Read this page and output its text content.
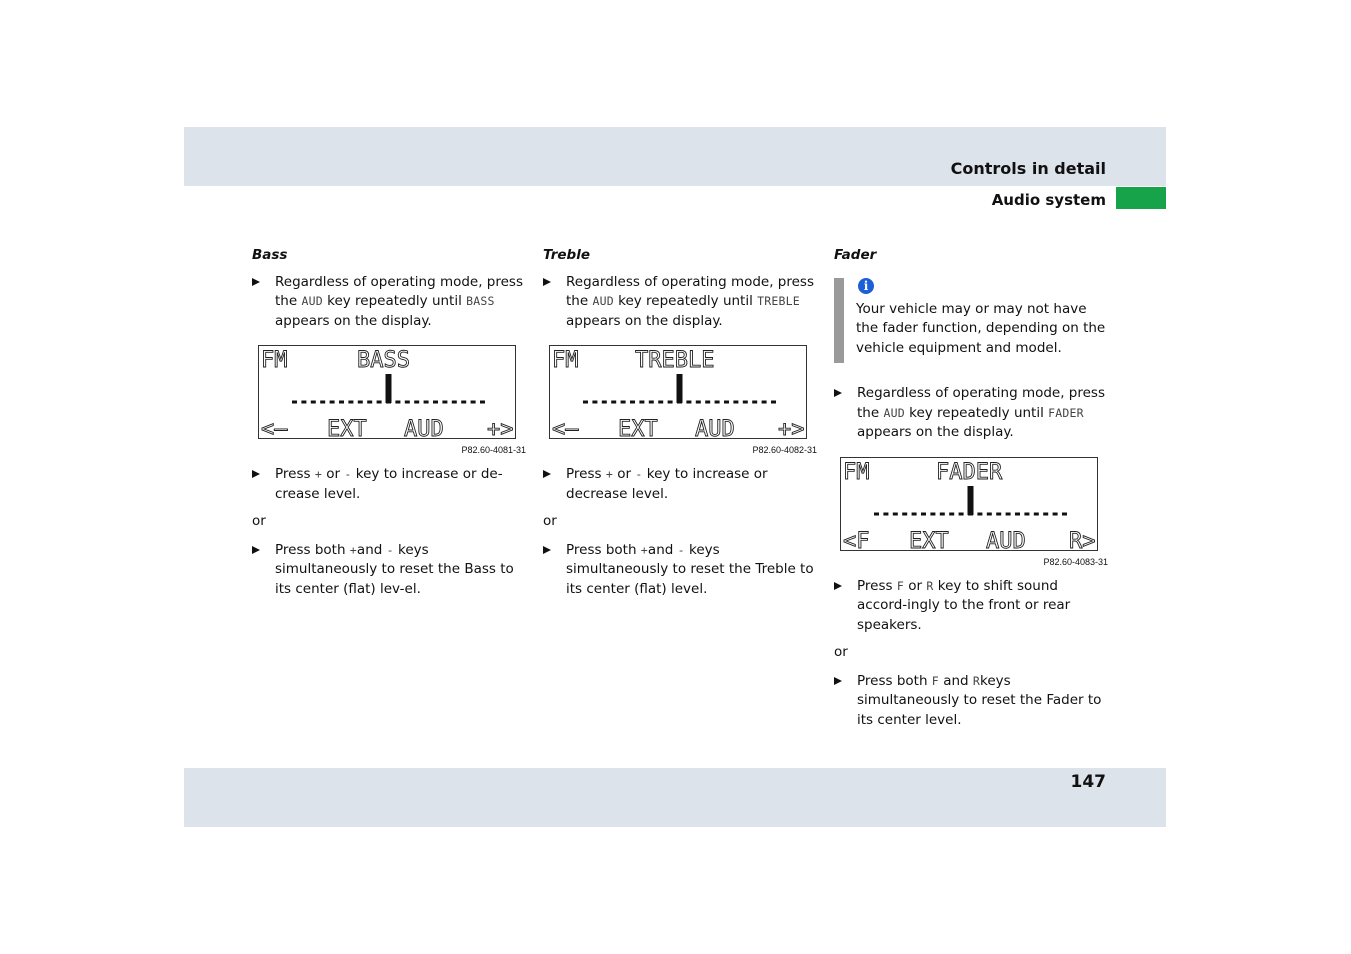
Controls in detail
Audio system
Bass
Regardless of operating mode, press the AUD key repeatedly until BASS appears on the display.
FM	BASS
<– EXT AUD +>
P82.60-4081-31
Press + or - key to increase or de-crease level.
or
Press both +and - keys simultaneously to reset the Bass to its center (flat) lev-el.
Treble
Regardless of operating mode, press the AUD key repeatedly until TREBLE appears on the display.
FM	TREBLE
<– EXT AUD +>
P82.60-4082-31
Press + or - key to increase or decrease level.
or
Press both +and - keys simultaneously to reset the Treble to its center (flat) level.
Fader
i
Your vehicle may or may not have the fader function, depending on the vehicle equipment and model.
Regardless of operating mode, press the AUD key repeatedly until FADER appears on the display.
FM	FADER
<F EXT AUD R>
P82.60-4083-31
Press F or R key to shift sound accord-ingly to the front or rear speakers.
or
Press both F and Rkeys simultaneously to reset the Fader to its center level.
147
